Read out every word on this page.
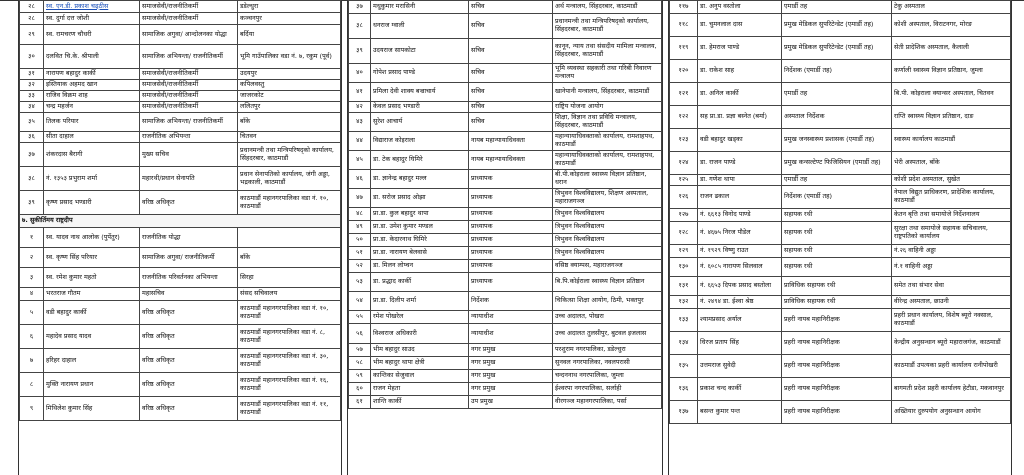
२८	स्व. एन.डी. प्रकाश चढ्ठीस	समाजसेवी/राजनीतिकर्मी	डडेल्धुरा
२८	स्व. दुर्गा दत्त जोशी	समाजसेवी/राजनीतिकर्मी	कञ्चनपुर
२९	स्व. रामचरण चौधरी	सामाजिक अगुवा/ आन्दोलनका योद्धा	बर्दिया
३०	दलवित चि.के. श्रीपाली	सामाजिक अभियन्ता/ राजनीतिकर्मी	भूमि गाउँपालिका वडा नं. ७, रकुम (पूर्व)
३१	नारायण बहादुर कार्की	समाजसेवी/राजनीतिकर्मी	उदयपुर
३२	इस्तियाक अहमद खान	समाजसेवी/राजनीतिकर्मी	कपिलवस्तु
३३	राजिव विक्रम शाह	समाजसेवी/राजनीतिकर्मी	जाजरकोट
३४	चन्द्र महर्जन	समाजसेवी/राजनीतिकर्मी	ललितपुर
३५	तिलक परियार	सामाजिक अभियन्ता/ राजनीतिकर्मी	बाँके
३६	सीता दाहाल	राजनीतिक अभियन्ता	चितवन
३७	शंकरदास बैरागी	मुख्य सचिव	प्रधानमन्त्री तथा मन्त्रिपरिषद्को कार्यालय, सिंहदरबार, काठमाडौं
३८	नं. १३५३ प्रभुराम शर्मा	महारथी/प्रधान सेनापति	प्रधान सेनापतिको कार्यालय, जंगी अड्डा, भद्रकाली, काठमाडौं
३९	कृष्ण प्रसाद भण्डारी	वरिष्ठ अधिकृत	काठमाडौं महानगरपालिका वडा नं. १०, काठमाडौं
७. सुकीर्तिमय राष्ट्रदीप			
१	स्व. यादव नाथ आलोक (पुर्पेतुर)	राजनीतिक योद्धा	
२	स्व. कृष्ण सिंह परियार	सामाजिक अगुवा/ राजनीतिकर्मी	बाँके
३	स्व. रमेश कुमार महतो	राजनीतिक परिवर्तनका अभियन्ता	सिरहा
४	भरतराज गौतम	महासचिव	संसद सचिवालय
५	वडी बहादुर कार्की	वरिष्ठ अधिकृत	काठमाडौं महानगरपालिका वडा नं. १०, काठमाडौं
६	महादेव प्रसाद यादव	वरिष्ठ अधिकृत	काठमाडौं महानगरपालिका वडा नं. ८, काठमाडौं
७	हरिहर दाहाल	वरिष्ठ अधिकृत	काठमाडौं महानगरपालिका वडा नं. ३०, काठमाडौं
८	मुक्ति नारायण प्रधान	वरिष्ठ अधिकृत	काठमाडौं महानगरपालिका वडा नं. १६, काठमाडौं
९	मिथिलेश कुमार सिंह	वरिष्ठ अधिकृत	काठमाडौं महानगरपालिका वडा नं. ११, काठमाडौं
३७	मधुकुमार मरासिनी	सचिव	अर्थ मन्त्रालय, सिंहदरबार, काठमाडौं
३८	धनराज ग्वाली	सचिव	प्रधानमन्त्री तथा मन्त्रिपरिषद्को कार्यालय, सिंहदरबार, काठमाडौं
३९	उदयराज सापकोटा	सचिव	कानून, न्याय तथा संसदीय मामिला मन्त्रालय, सिंहदरबार, काठमाडौं
४०	गोपेश प्रसाद पाण्डे	सचिव	भूमि व्यवस्था सहकारी तथा गरिबी निवारण मन्त्रालय
४१	प्रमिला देवी शाक्य बज्राचार्य	सचिव	खानेपानी मन्त्रालय, सिंहदरबार, काठमाडौं
४२	केवल प्रसाद भण्डारी	सचिव	राष्ट्रिय योजना आयोग
४३	सुरेश आचार्य	सचिव	शिक्षा, विज्ञान तथा प्रविधि मन्त्रालय, सिंहदरबार, काठमाडौं
४४	विद्याराज कोइराला	नायब महान्यायाधिवक्ता	महान्यायाधिवक्ताको कार्यालय, रामशाहपथ, काठमाडौं
४५	डा. टेक बहादुर घिमिरे	नायब महान्यायाधिवक्ता	महान्यायाधिवक्ताको कार्यालय, रामशाहपथ, काठमाडौं
४६	डा. ज्ञानेन्द्र बहादुर मल्ल	प्राध्यापक	बी.पी.कोइराला स्वास्थ्य विज्ञान प्रतिष्ठान, धरान
४७	डा. सरोज प्रसाद ओझा	प्राध्यापक	त्रिभुवन विश्वविद्यालय, शिक्षण अस्पताल, महाराजगञ्ज
४८	प्रा.डा. कुल बहादुर थापा	प्राध्यापक	त्रिभुवन विश्वविद्यालय
४९	प्रा.डा. उमेश कुमार मण्डल	प्राध्यापक	त्रिभुवन विश्वविद्यालय
५०	प्रा.डा. केदारनाथ घिमिरे	प्राध्यापक	त्रिभुवन विश्वविद्यालय
५१	प्रा.डा. नारायण बेलवासे	प्राध्यापक	त्रिभुवन विश्वविद्यालय
५२	डा. मिलन लोप्चन	प्राध्यापक	वसिष्ठ क्याम्पस, महाराजगञ्ज
५३	डा. प्रद्धाद कार्की	प्राध्यापक	बि.पि.कोईराला स्वास्थ्य विज्ञान प्रतिष्ठान
५४	प्रा.डा. दिलीप शर्मा	निर्देशक	चिकित्सा शिक्षा आयोग, ठिमी, भक्तपुर
५५	रमेश पोखरेल	न्यायाधीश	उच्च अदालत, पोखरा
५६	विश्वराज अधिकारी	न्यायाधीश	उच्च अदालत तुलसीपुर, बुटवल इजलास
५७	भीम बहादुर साउद	नगर प्रमुख	परशुराम नगरपालिका, डडेल्धुरा
५८	भीम बहादुर थापा क्षेत्री	नगर प्रमुख	सुनवल नगरपालिका, नवलपरासी
५९	कान्तिका सेजुवाल	नगर प्रमुख	चन्दननाथ नगरपालिका, जुम्ला
६०	राजन मेहता	नगर प्रमुख	ईश्वरपा नगरपालिका, सर्लाही
६१	शान्ति कार्की	उप प्रमुख	वीरगञ्ज महानगरपालिका, पर्सा
११७	डा. अनुप वस्तोला	एमार्डी तह	टेकु अस्पताल
११८	डा. चुमनलाल दास	प्रमुख मेडिकल सुपरिटेन्डेट (एमार्डी तह)	कोशी अस्पताल, विराटनगर, मोरङ
११९	डा. हेमराज पाण्डे	प्रमुख मेडिकल सुपरिटेन्डेट (एमार्डी तह)	सेती प्रादेशिक अस्पताल, कैलाली
१२०	डा. राकेश साह	निर्देशक (एमार्डी तह)	कर्णाली स्वास्थ्य विज्ञान प्रतिष्ठान, जुम्ला
१२१	डा. अनिल कार्की	एमार्डी तह	बि.पी. कोइराला क्यान्सर अस्पताल, चितवन
१२२	सह प्रा.डा. प्रज्ञा बस्नेत (बर्मा)	अस्पताल निर्देशक	राप्ति स्वास्थ्य विज्ञान प्रतिष्ठान, दाङ
१२३	वडी बहादुर खड्का	प्रमुख जनस्वास्थ्य प्रशासक (एमार्डी तह)	स्वास्थ्य कार्यालय काठमाडौं
१२४	डा. राजन पाण्डे	प्रमुख कन्सल्टेण्ट फिजिसियन (एमार्डी तह)	भेरी अस्पताल, बाँके
१२५	डा. गणेश थापा	एमार्डी तह	कोशी प्रदेश अस्पताल, सुखेत
१२६	राजन ढकाल	निर्देशक (एमार्डी तह)	नेपाल विद्युत प्राधिकरण, प्रादेशिक कार्यालय, काठमाडौं
१२७	नं. ६६१३ विनोद पाण्डे	सहायक रथी	केतन बृत्ति तथा समायोजे निर्देशनालय
१२८	नं. ४६७५ निरज पौडेल	सहायक रथी	सुरक्षा तथा समायोजे सहायक सचिवालय, राष्ट्रपतिको कार्यालय
१२९	नं. १९२९ विष्णु राउत	सहायक रथी	नं.२६ वाहिनी अड्डा
१३०	नं. ६०८५ नारायण सिलवाल	सहायक रथी	नं.१ वाहिनी अड्डा
१३१	नं. ६६५३ दिपक प्रसाद बस्तोला	प्राविधिक सहायक रथी	समेत तथा संभार सेवा
१३२	नं. २४९४ डा. ईश्वा श्रेष्ठ	प्राविधिक सहायक रथी	वीरेन्द्र अस्पताल, छाउनी
१३३	श्यामप्रसाद अर्याल	प्रहरी नायब महानिरीक्षक	प्रहरी प्रधान कार्यालय, विशेष ब्यूरो नक्साल, काठमाडौं
१३४	धिरज प्रताप सिंह	प्रहरी नायब महानिरीक्षक	केन्द्रीय अनुसन्धान ब्यूरो महाराजगंज, काठमाडौं
१३५	उत्तमराज सुवेदी	प्रहरी नायब महानिरीक्षक	काठमाडौं उपत्यका प्रहरी कार्यालय रानीपोखरी
१३६	प्रकाश चन्द कार्की	प्रहरी नायब महानिरीक्षक	बागमती प्रदेश प्रहरी कार्यालय हेटौडा, मकवानपुर
१३७	बसन्त कुमार पन्त	प्रहरी नायब महानिरीक्षक	अख्तियार दुरुपयोग अनुसन्धान आयोग
